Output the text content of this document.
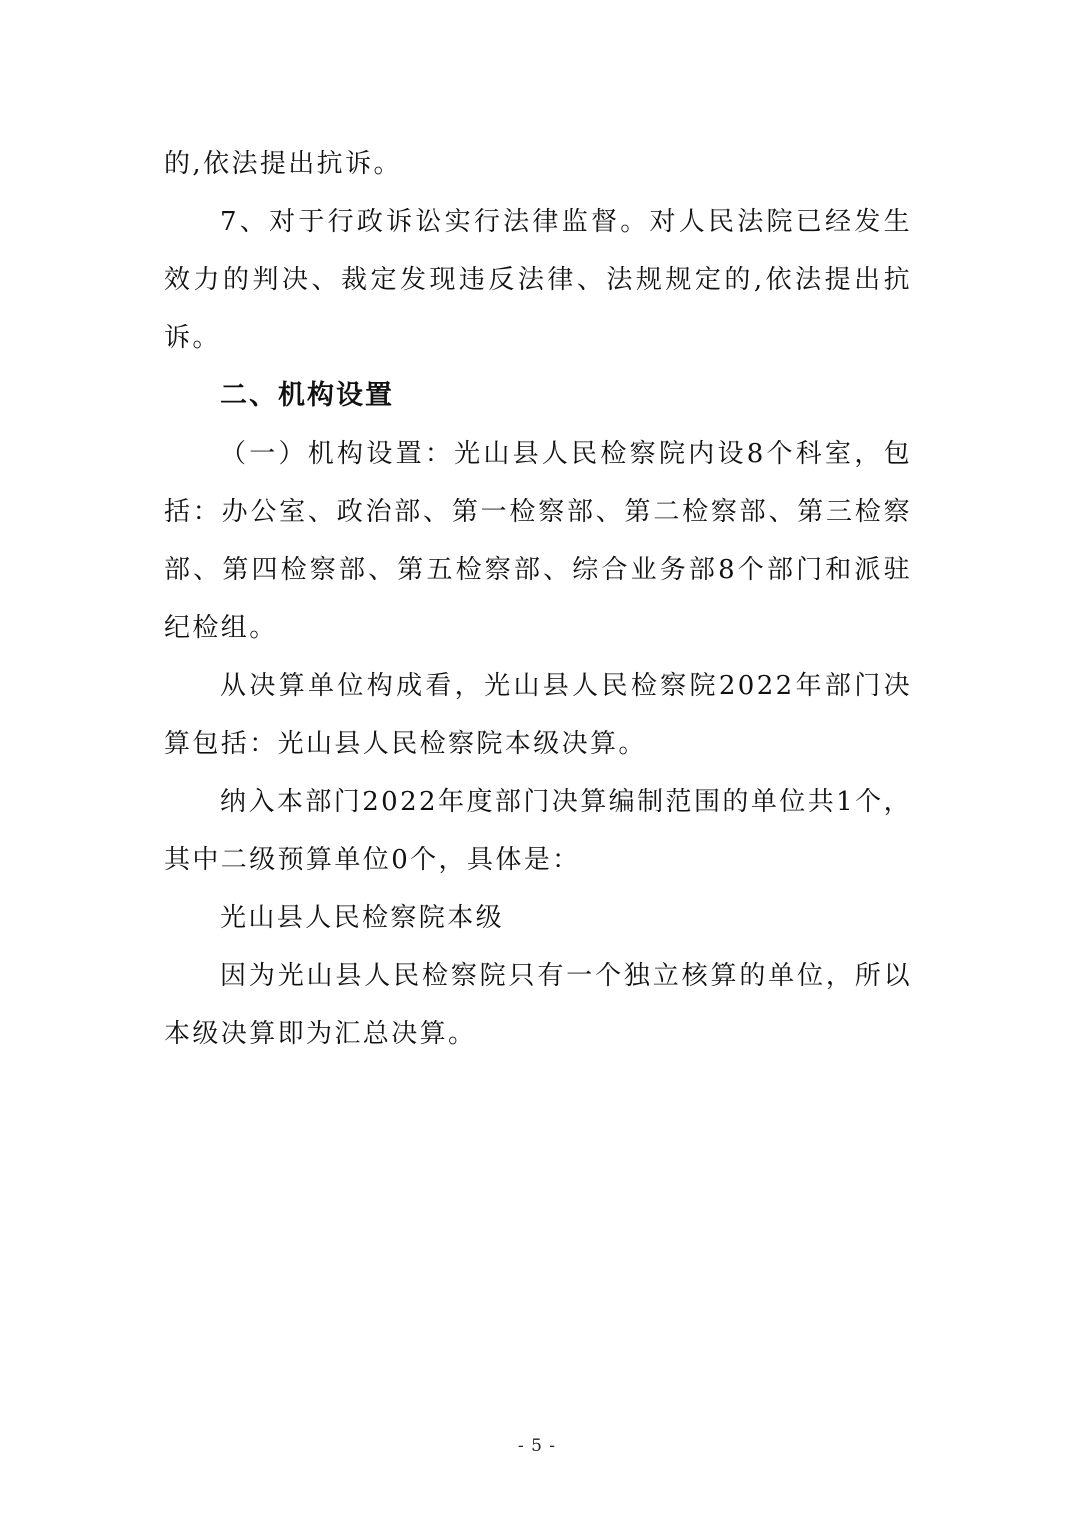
的,依法提出抗诉。

7、对于行政诉讼实行法律监督。对人民法院已经发生效力的判决、裁定发现违反法律、法规规定的,依法提出抗诉。

二、机构设置

（一）机构设置：光山县人民检察院内设8个科室，包括：办公室、政治部、第一检察部、第二检察部、第三检察部、第四检察部、第五检察部、综合业务部8个部门和派驻纪检组。

从决算单位构成看，光山县人民检察院2022年部门决算包括：光山县人民检察院本级决算。

纳入本部门2022年度部门决算编制范围的单位共1个，其中二级预算单位0个，具体是：

光山县人民检察院本级

因为光山县人民检察院只有一个独立核算的单位，所以本级决算即为汇总决算。

- 5 -
